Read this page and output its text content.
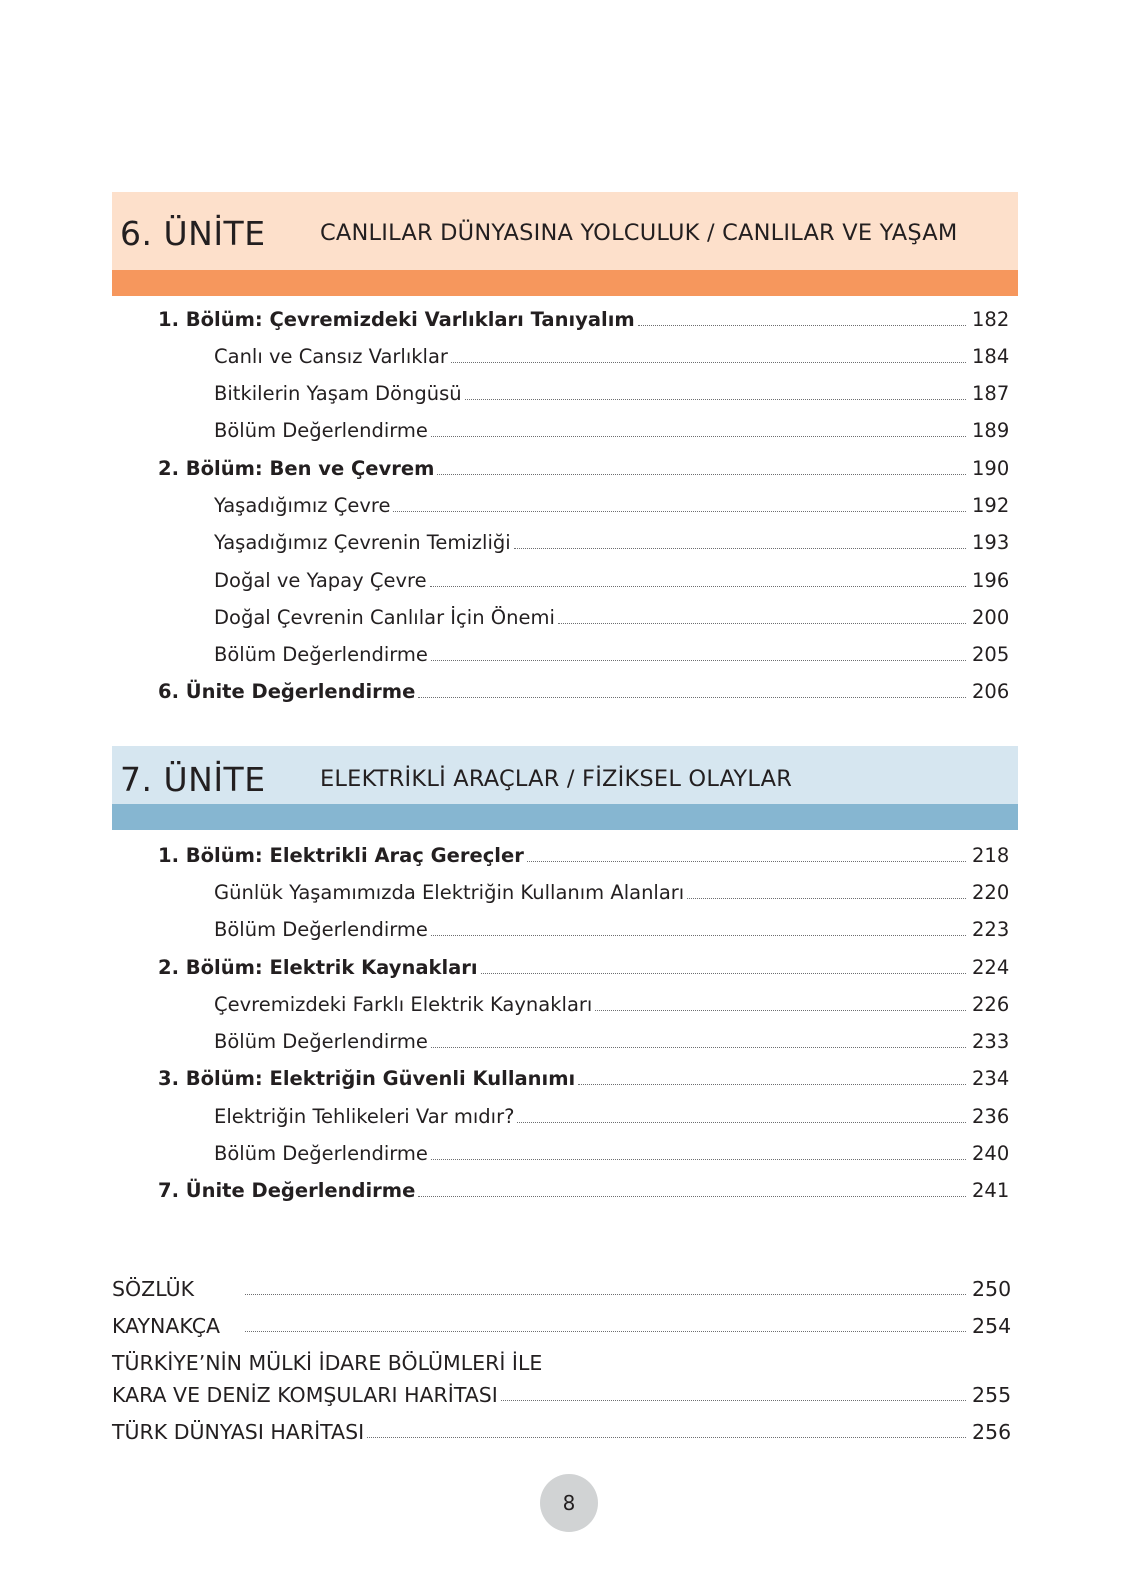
6. ÜNİTE CANLILAR DÜNYASINA YOLCULUK / CANLILAR VE YAŞAM
1. Bölüm: Çevremizdeki Varlıkları Tanıyalım	182
Canlı ve Cansız Varlıklar	184
Bitkilerin Yaşam Döngüsü	187
Bölüm Değerlendirme	189
2. Bölüm: Ben ve Çevrem	190
Yaşadığımız Çevre	192
Yaşadığımız Çevrenin Temizliği	193
Doğal ve Yapay Çevre	196
Doğal Çevrenin Canlılar İçin Önemi	200
Bölüm Değerlendirme	205
6. Ünite Değerlendirme	206
7. ÜNİTE ELEKTRİKLİ ARAÇLAR / FİZİKSEL OLAYLAR
1. Bölüm: Elektrikli Araç Gereçler	218
Günlük Yaşamımızda Elektriğin Kullanım Alanları	220
Bölüm Değerlendirme	223
2. Bölüm: Elektrik Kaynakları	224
Çevremizdeki Farklı Elektrik Kaynakları	226
Bölüm Değerlendirme	233
3. Bölüm: Elektriğin Güvenli Kullanımı	234
Elektriğin Tehlikeleri Var mıdır?	236
Bölüm Değerlendirme	240
7. Ünite Değerlendirme	241
SÖZLÜK	250
KAYNAKÇA	254
TÜRKİYE’NİN MÜLKİ İDARE BÖLÜMLERİ İLE
KARA VE DENİZ KOMŞULARI HARİTASI	255
TÜRK DÜNYASI HARİTASI	256
8
